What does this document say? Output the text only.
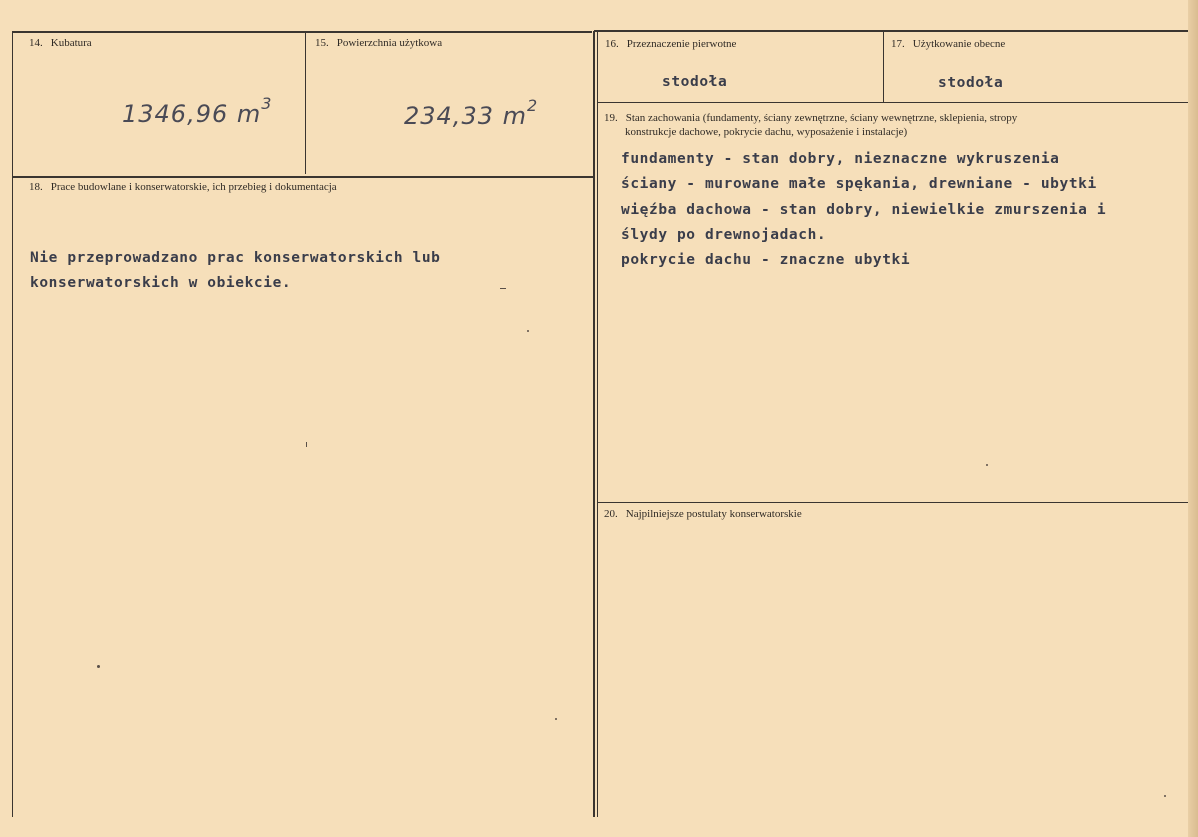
14. Kubatura
1346,96 $m^3$
15. Powierzchnia użytkowa
234,33 $m^2$
16. Przeznaczenie pierwotne
stodoła
17. Użytkowanie obecne
stodoła
18. Prace budowlane i konserwatorskie, ich przebieg i dokumentacja
Nie przeprowadzano prac konserwatorskich lub
konserwatorskich w obiekcie.
19. Stan zachowania (fundamenty, ściany zewnętrzne, ściany wewnętrzne, sklepienia, stropy
konstrukcje dachowe, pokrycie dachu, wyposażenie i instalacje)
fundamenty - stan dobry, nieznaczne wykruszenia
ściany - murowane małe spękania, drewniane - ubytki
więźba dachowa - stan dobry, niewielkie zmurszenia i
ślydy po drewnojadach.
pokrycie dachu - znaczne ubytki
20. Najpilniejsze postulaty konserwatorskie
